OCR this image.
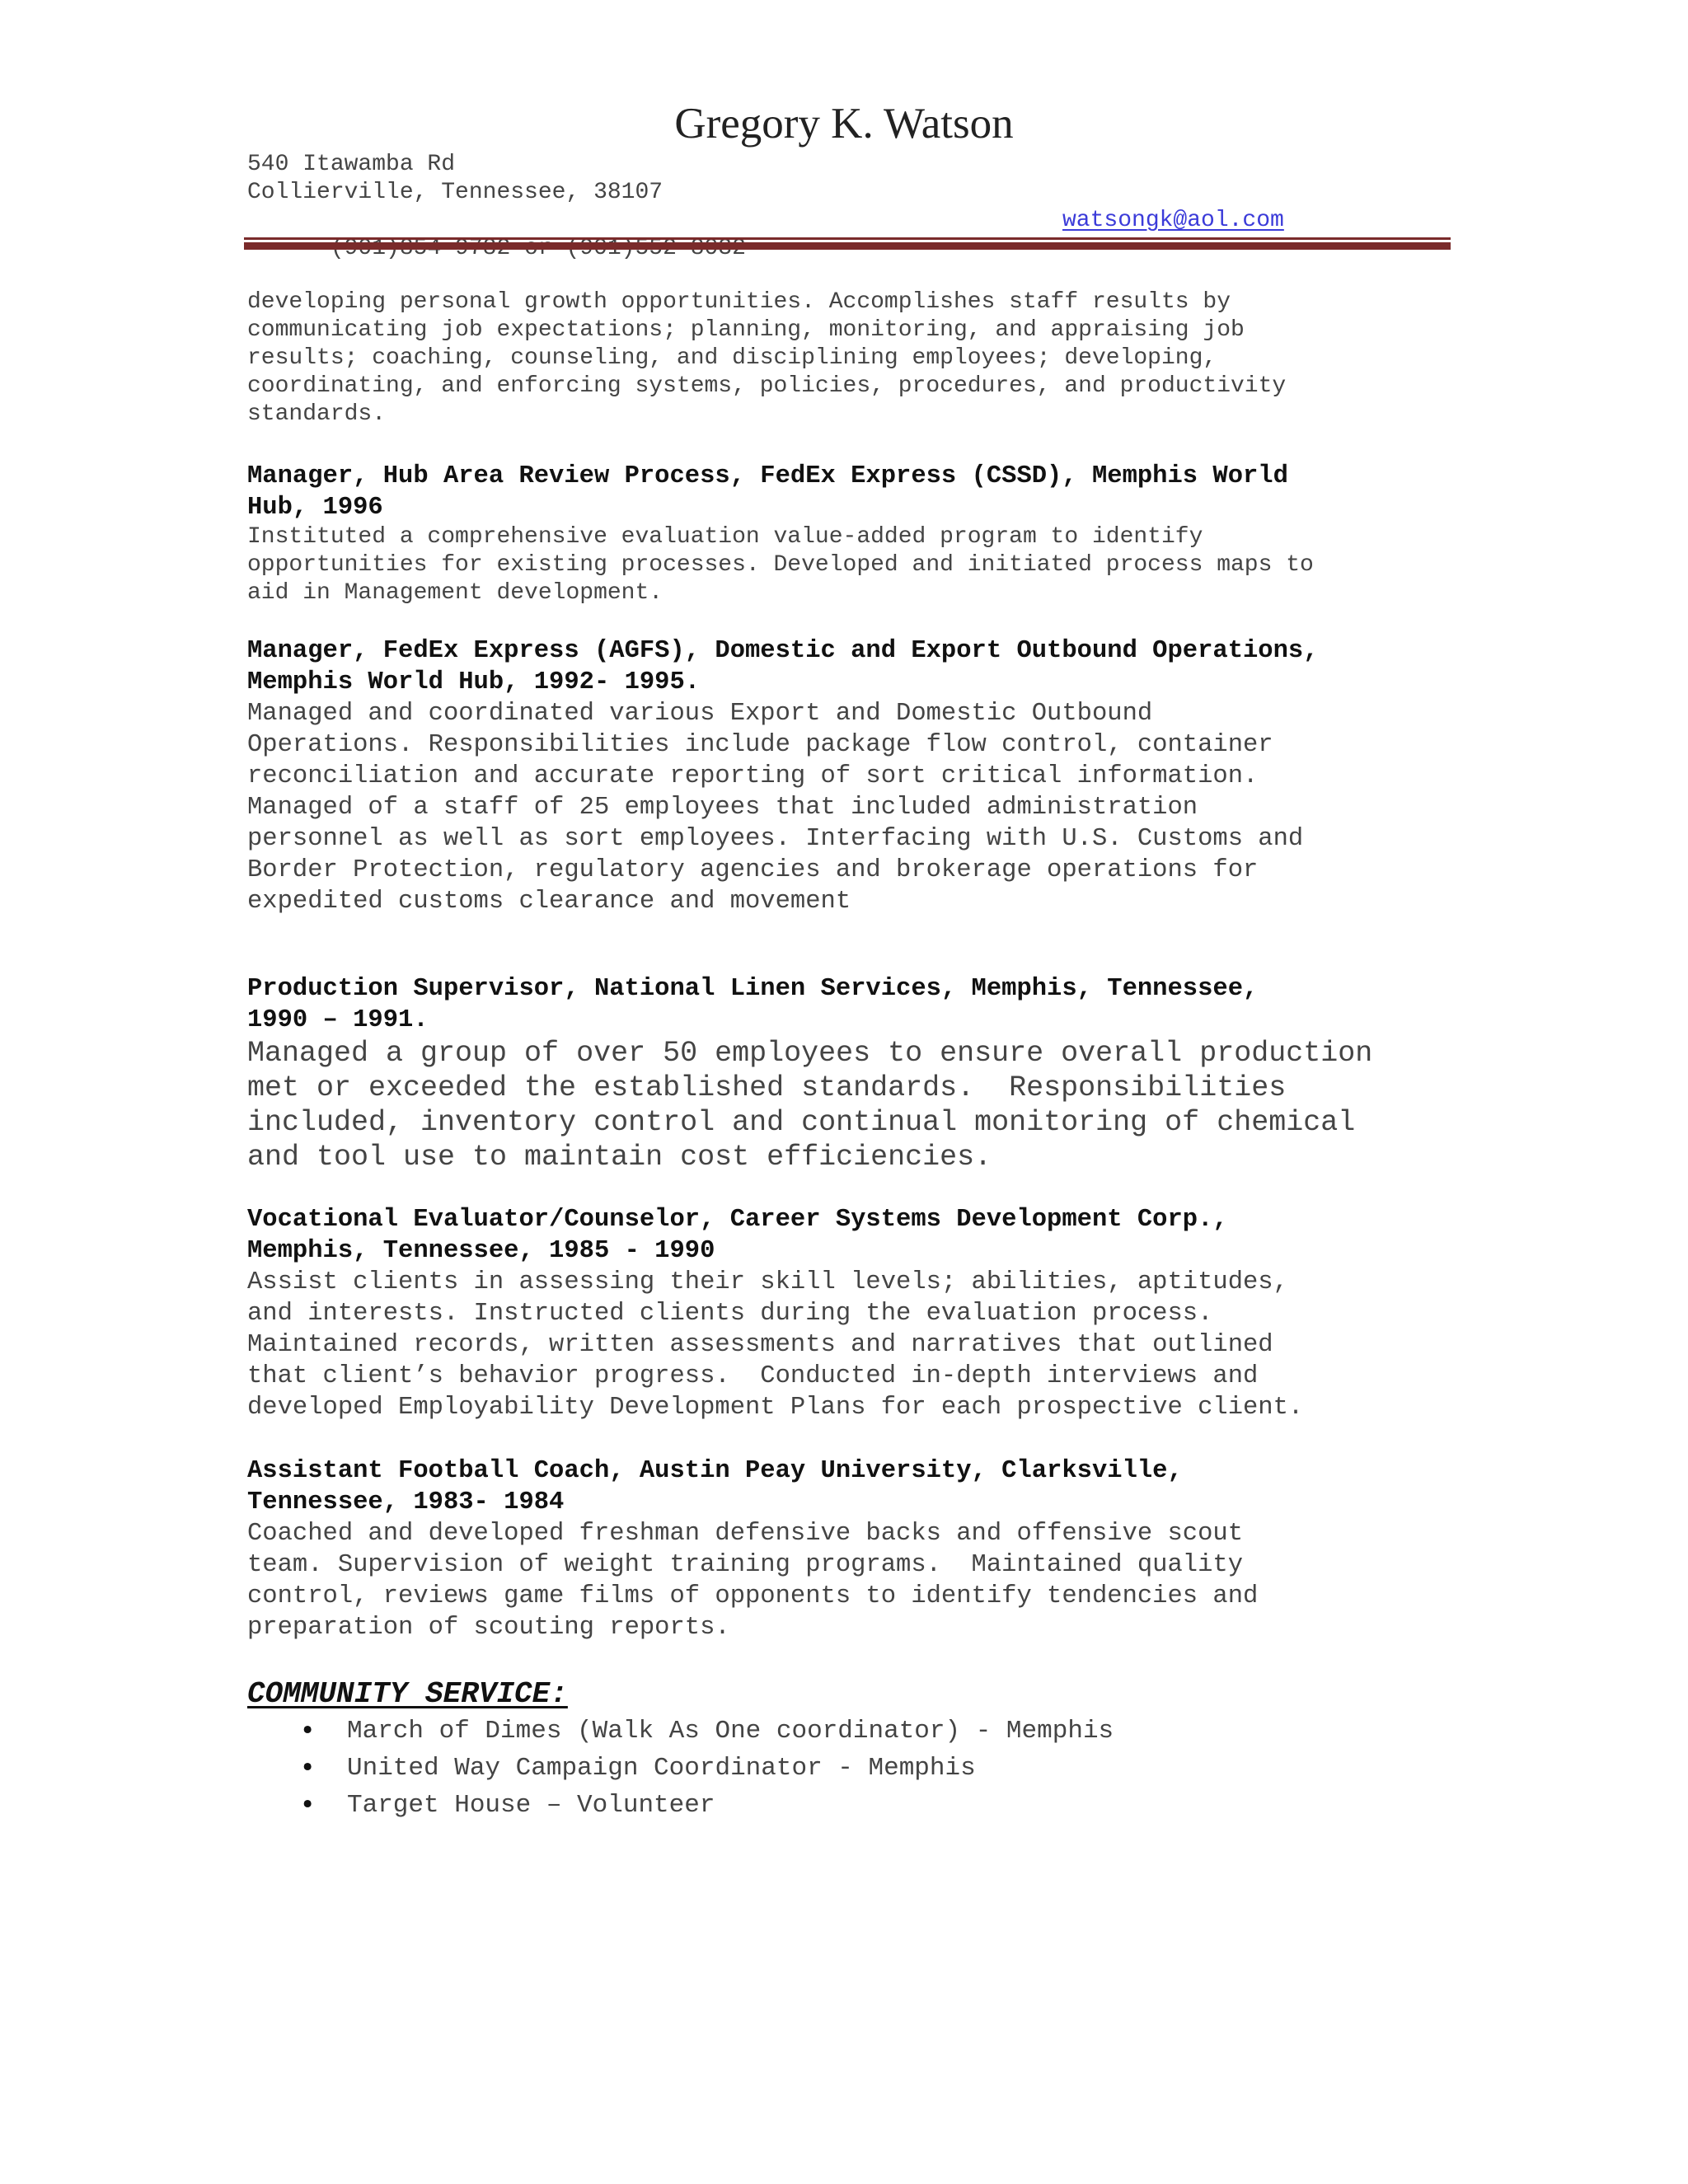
Gregory K. Watson
540 Itawamba Rd
Collierville, Tennessee, 38107

watsongk@aol.com

developing personal growth opportunities. Accomplishes staff results by
communicating job expectations; planning, monitoring, and appraising job
results; coaching, counseling, and disciplining employees; developing,
coordinating, and enforcing systems, policies, procedures, and productivity
standards.

Manager, Hub Area Review Process, FedEx Express (CSSD), Memphis World
Hub, 1996

Instituted a comprehensive evaluation value-added program to identify
opportunities for existing processes. Developed and initiated process maps to
aid in Management development.

Manager, FedEx Express (AGFS), Domestic and Export Outbound Operations,
Memphis World Hub, 1992- 1995.

Managed and coordinated various Export and Domestic Outbound
Operations. Responsibilities include package flow control, container
reconciliation and accurate reporting of sort critical information.
Managed of a staff of 25 employees that included administration
personnel as well as sort employees. Interfacing with U.S. Customs and
Border Protection, regulatory agencies and brokerage operations for
expedited customs clearance and movement

Production Supervisor, National Linen Services, Memphis, Tennessee,
1990 – 1991.

Managed a group of over 50 employees to ensure overall production
met or exceeded the established standards.  Responsibilities
included, inventory control and continual monitoring of chemical
and tool use to maintain cost efficiencies.

Vocational Evaluator/Counselor, Career Systems Development Corp.,
Memphis, Tennessee, 1985 - 1990

Assist clients in assessing their skill levels; abilities, aptitudes,
and interests. Instructed clients during the evaluation process.
Maintained records, written assessments and narratives that outlined
that client’s behavior progress.  Conducted in-depth interviews and
developed Employability Development Plans for each prospective client.

Assistant Football Coach, Austin Peay University, Clarksville,
Tennessee, 1983- 1984

Coached and developed freshman defensive backs and offensive scout
team. Supervision of weight training programs.  Maintained quality
control, reviews game films of opponents to identify tendencies and
preparation of scouting reports.

COMMUNITY SERVICE:

• March of Dimes (Walk As One coordinator) - Memphis
• United Way Campaign Coordinator - Memphis
• Target House – Volunteer
